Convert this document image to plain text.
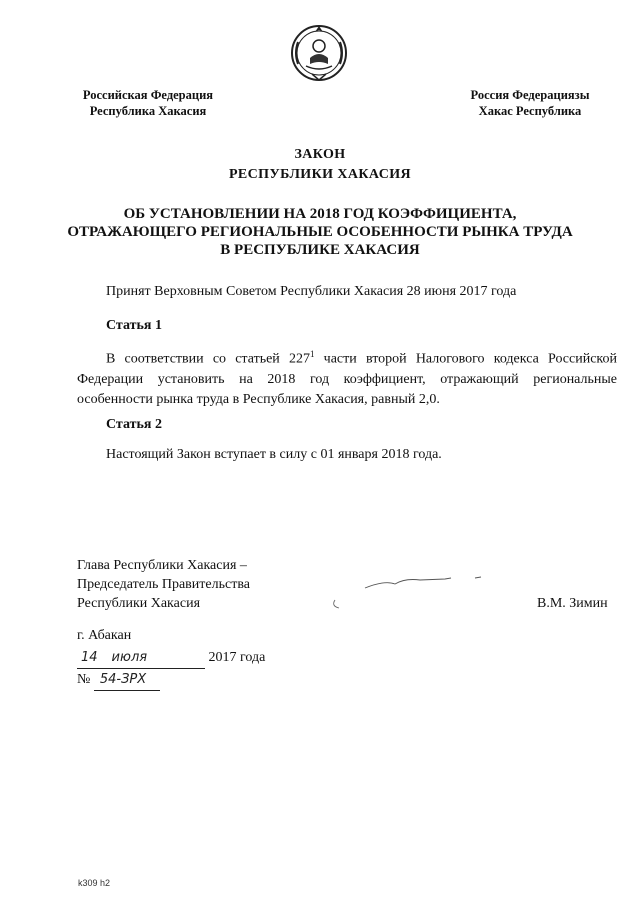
Российская Федерация
Республика Хакасия
Россия Федерациязы
Хакас Республика
ЗАКОН
РЕСПУБЛИКИ ХАКАСИЯ
ОБ УСТАНОВЛЕНИИ НА 2018 ГОД КОЭФФИЦИЕНТА,
ОТРАЖАЮЩЕГО РЕГИОНАЛЬНЫЕ ОСОБЕННОСТИ РЫНКА ТРУДА
В РЕСПУБЛИКЕ ХАКАСИЯ
Принят Верховным Советом Республики Хакасия 28 июня 2017 года
Статья 1
В соответствии со статьей $227^1$ части второй Налогового кодекса Российской Федерации установить на 2018 год коэффициент, отражающий региональные особенности рынка труда в Республике Хакасия, равный 2,0.
Статья 2
Настоящий Закон вступает в силу с 01 января 2018 года.
Глава Республики Хакасия –
Председатель Правительства
Республики Хакасия	В.М. Зимин
г. Абакан
14 июля	2017 года
№ 54-ЗРХ
k309 h2
